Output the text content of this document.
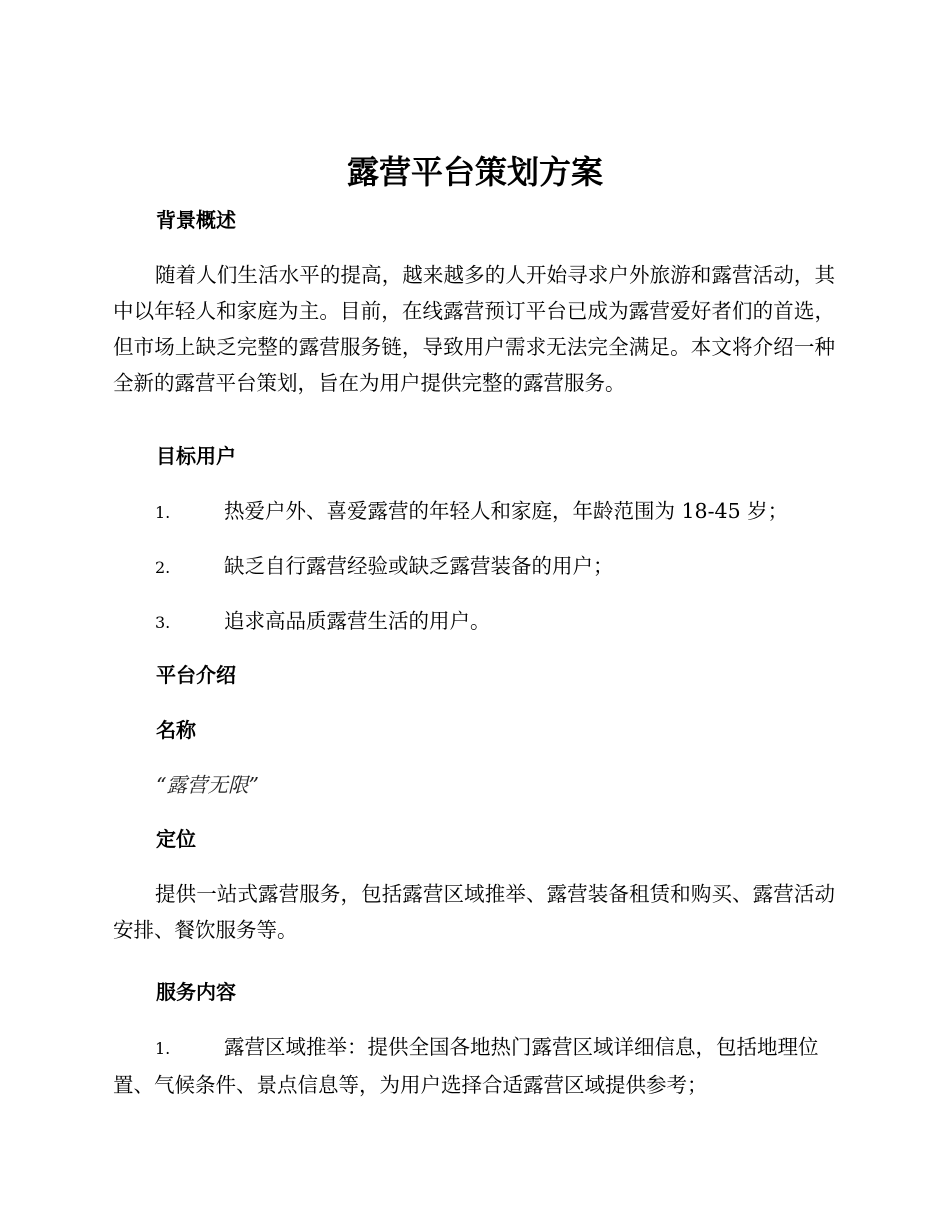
露营平台策划方案
背景概述

随着人们生活水平的提高，越来越多的人开始寻求户外旅游和露营活动，其中以年轻人和家庭为主。目前，在线露营预订平台已成为露营爱好者们的首选，但市场上缺乏完整的露营服务链，导致用户需求无法完全满足。本文将介绍一种全新的露营平台策划，旨在为用户提供完整的露营服务。

目标用户

1.	热爱户外、喜爱露营的年轻人和家庭，年龄范围为 18-45 岁；

2.	缺乏自行露营经验或缺乏露营装备的用户；

3.	追求高品质露营生活的用户。

平台介绍
名称

“露营无限”

定位

提供一站式露营服务，包括露营区域推举、露营装备租赁和购买、露营活动安排、餐饮服务等。

服务内容

1.	露营区域推举：提供全国各地热门露营区域详细信息，包括地理位置、气候条件、景点信息等，为用户选择合适露营区域提供参考；
